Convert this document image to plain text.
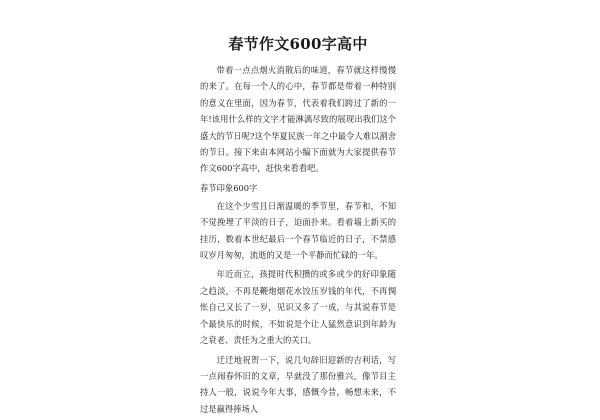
春节作文600字高中
带着一点点烟火消散后的味道，春节就这样慢慢的来了。在每一个人的心中，春节都是带着一种特别的意义在里面，因为春节，代表着我们跨过了新的一年!该用什么样的文字才能淋漓尽致的展现出我们这个盛大的节日呢?这个华夏民族一年之中最令人难以割舍的节日。接下来由本网站小编下面就为大家提供春节作文600字高中，赶快来看看吧。
春节印象600字
在这个少雪且日渐温暖的季节里，春节和，不知不觉挽埋了平淡的日子，迫面扑来。看着墙上新买的挂历，数着本世纪最后一个春节临近的日子，不禁感叹岁月匆匆，流逝的又是一个平静而忙碌的一年。
年近而立，孩提时代积攒的或多或少的好印象随之趋淡，不再是鞭炮烟花水饺压岁钱的年代，不再惆怅自己又长了一岁，见识又多了一成，与其说春节是个最快乐的时候，不如说是个让人猛然意识到年龄为之衰老、责任为之重大的关口。
迁迁地祝贺一下，说几句辞旧迎新的吉利话，写一点闹春怀旧的文章，早就没了那份雅兴，像节目主持人一般，说说今年大事，感慨今昔，畅想未来，不过是赢得捧场人
